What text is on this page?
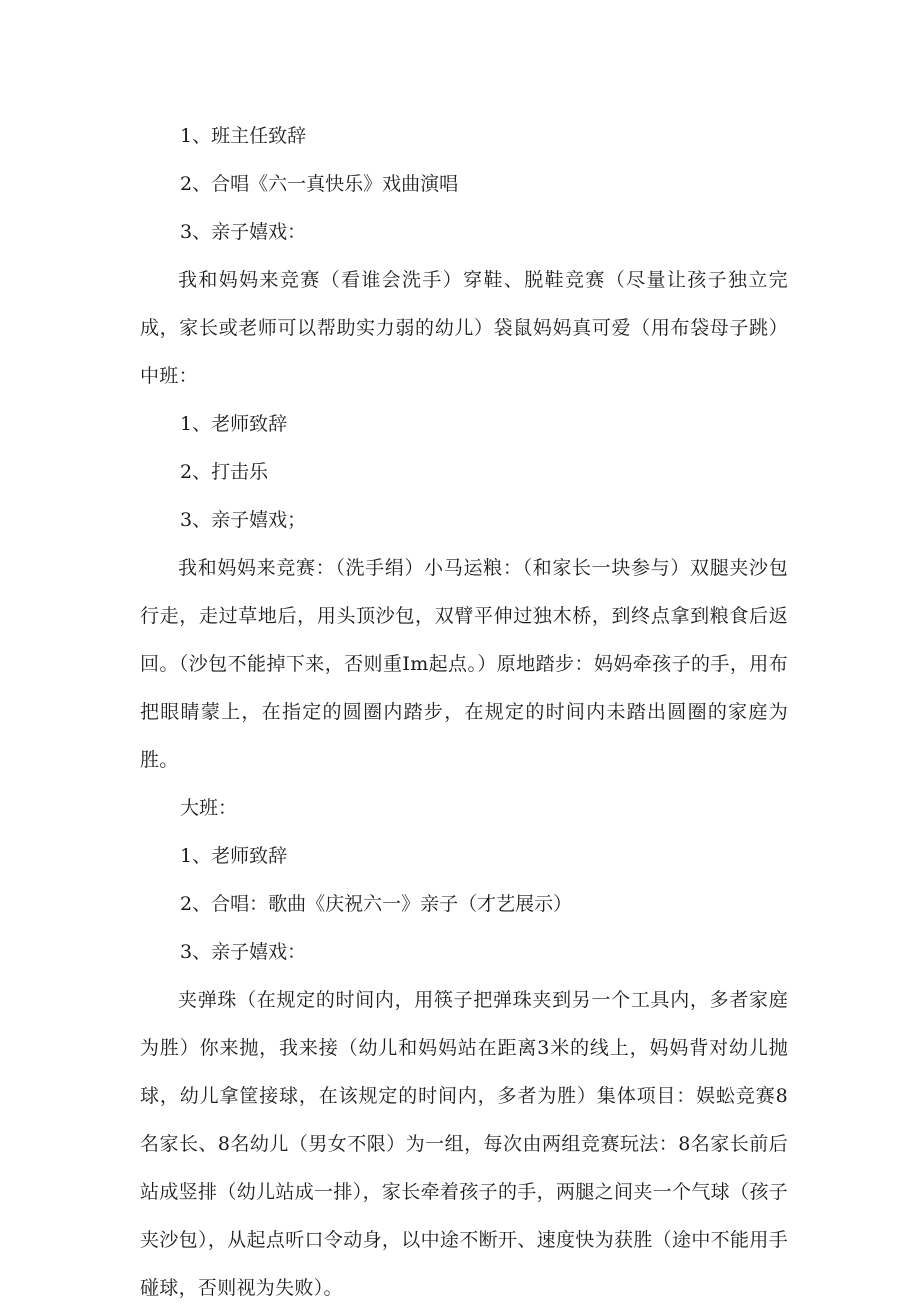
1、班主任致辞

2、合唱《六一真快乐》戏曲演唱

3、亲子嬉戏：

我和妈妈来竞赛（看谁会洗手）穿鞋、脱鞋竞赛（尽量让孩子独立完成，家长或老师可以帮助实力弱的幼儿）袋鼠妈妈真可爱（用布袋母子跳）中班：

1、老师致辞

2、打击乐

3、亲子嬉戏；

我和妈妈来竞赛：（洗手绢）小马运粮：（和家长一块参与）双腿夹沙包行走，走过草地后，用头顶沙包，双臂平伸过独木桥，到终点拿到粮食后返回。（沙包不能掉下来，否则重Im起点。）原地踏步：妈妈牵孩子的手，用布把眼睛蒙上，在指定的圆圈内踏步，在规定的时间内未踏出圆圈的家庭为胜。

大班：

1、老师致辞

2、合唱：歌曲《庆祝六一》亲子（才艺展示）

3、亲子嬉戏：

夹弹珠（在规定的时间内，用筷子把弹珠夹到另一个工具内，多者家庭为胜）你来抛，我来接（幼儿和妈妈站在距离3米的线上，妈妈背对幼儿抛球，幼儿拿筐接球，在该规定的时间内，多者为胜）集体项目：娱蚣竞赛8名家长、8名幼儿（男女不限）为一组，每次由两组竞赛玩法：8名家长前后站成竖排（幼儿站成一排），家长牵着孩子的手，两腿之间夹一个气球（孩子夹沙包），从起点听口令动身，以中途不断开、速度快为获胜（途中不能用手碰球，否则视为失败）。
